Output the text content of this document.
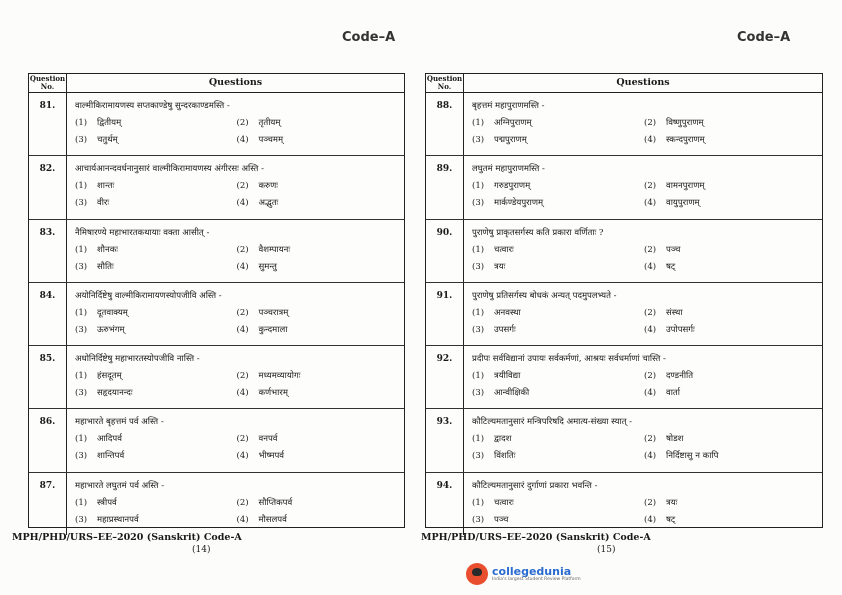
Code–A
Question No.	Questions
81.	वाल्मीकिरामायणस्य सप्तकाण्डेषु सुन्दरकाण्डमस्ति -
(1)	द्वितीयम्	(2)	तृतीयम्
(3)	चतुर्थम्	(4)	पञ्चमम्
82.	आचार्यआनन्दवर्धनानुसारं वाल्मीकिरामायणस्य अंगीरसः अस्ति -
(1)	शान्तः	(2)	करुणः
(3)	वीरः	(4)	अद्भुतः
83.	नैमिषारण्ये महाभारतकथायाः वक्ता आसीत् -
(1)	शौनकः	(2)	वैशम्पायनः
(3)	सौतिः	(4)	सुमन्तु
84.	अयोनिर्दिष्टेषु वाल्मीकिरामायणस्योपजीवि अस्ति -
(1)	दूतवाक्यम्	(2)	पञ्चरात्रम्
(3)	ऊरुभंगम्	(4)	कुन्दमाला
85.	अधोनिर्दिष्टेषु महाभारतस्योपजीवि नास्ति -
(1)	हंसदूतम्	(2)	मध्यमव्यायोगः
(3)	सहृदयानन्दः	(4)	कर्णभारम्
86.	महाभारते बृहत्तमं पर्व अस्ति -
(1)	आदिपर्व	(2)	वनपर्व
(3)	शान्तिपर्व	(4)	भीष्मपर्व
87.	महाभारते लघुतमं पर्व अस्ति -
(1)	स्त्रीपर्व	(2)	सौप्तिकपर्व
(3)	महाप्रस्थानपर्व	(4)	मौसलपर्व
MPH/PHD/URS–EE–2020 (Sanskrit) Code-A
(14)
Code–A
Question No.	Questions
88.	बृहत्तमं महापुराणमस्ति -
(1)	अग्निपुराणम्	(2)	विष्णुपुराणम्
(3)	पद्मपुराणम्	(4)	स्कन्दपुराणम्
89.	लघुतमं महापुराणमस्ति -
(1)	गरुडपुराणम्	(2)	वामनपुराणम्
(3)	मार्कण्डेयपुराणम्	(4)	वायुपुराणम्
90.	पुराणेषु प्राकृतसर्गस्य कति प्रकारा वर्णिताः ?
(1)	चत्वारः	(2)	पञ्च
(3)	त्रयः	(4)	षट्
91.	पुराणेषु प्रतिसर्गस्य बोधकं अन्यत् पदमुपलभ्यते -
(1)	अनवस्था	(2)	संस्था
(3)	उपसर्गः	(4)	उपोपसर्गः
92.	प्रदीपः सर्वविद्यानां उपायः सर्वकर्मणां, आश्रयः सर्वधर्माणां चास्ति -
(1)	त्रयीविद्या	(2)	दण्डनीति
(3)	आन्वीक्षिकी	(4)	वार्ता
93.	कौटिल्यमतानुसारं मन्त्रिपरिषदि अमात्य-संख्या स्यात् -
(1)	द्वादश	(2)	षोडश
(3)	विंशतिः	(4)	निर्दिष्टासु न कापि
94.	कौटिल्यमतानुसारं दुर्गाणां प्रकारा भवन्ति -
(1)	चत्वारः	(2)	त्रयः
(3)	पञ्च	(4)	षट्
MPH/PHD/URS–EE–2020 (Sanskrit) Code-A
(15)
collegedunia
India's largest Student Review Platform
